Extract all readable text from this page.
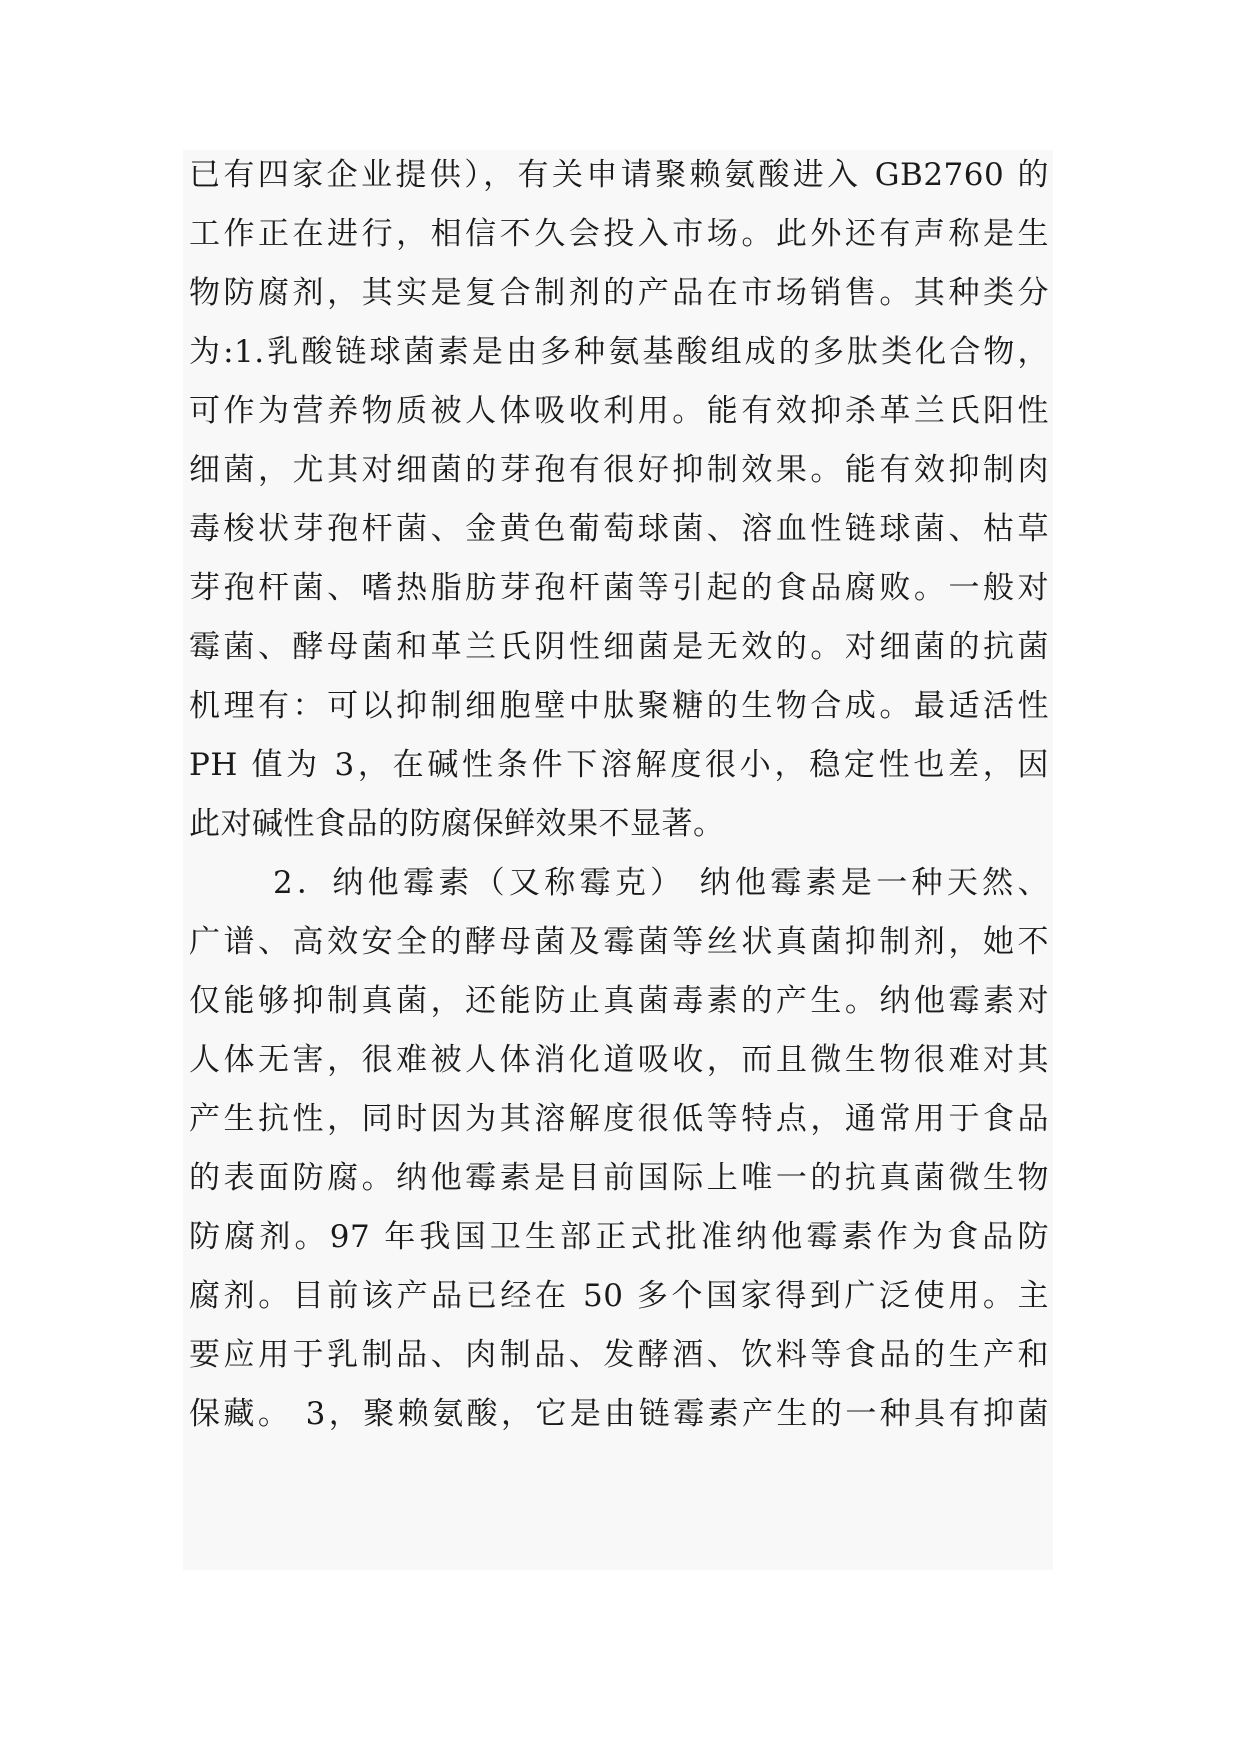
已有四家企业提供），有关申请聚赖氨酸进入 GB2760 的
工作正在进行，相信不久会投入市场。此外还有声称是生
物防腐剂，其实是复合制剂的产品在市场销售。其种类分
为:1.乳酸链球菌素是由多种氨基酸组成的多肽类化合物，
可作为营养物质被人体吸收利用。能有效抑杀革兰氏阳性
细菌，尤其对细菌的芽孢有很好抑制效果。能有效抑制肉
毒梭状芽孢杆菌、金黄色葡萄球菌、溶血性链球菌、枯草
芽孢杆菌、嗜热脂肪芽孢杆菌等引起的食品腐败。一般对
霉菌、酵母菌和革兰氏阴性细菌是无效的。对细菌的抗菌
机理有：可以抑制细胞壁中肽聚糖的生物合成。最适活性
PH 值为 3，在碱性条件下溶解度很小，稳定性也差，因
此对碱性食品的防腐保鲜效果不显著。
2．纳他霉素（又称霉克） 纳他霉素是一种天然、
广谱、高效安全的酵母菌及霉菌等丝状真菌抑制剂，她不
仅能够抑制真菌，还能防止真菌毒素的产生。纳他霉素对
人体无害，很难被人体消化道吸收，而且微生物很难对其
产生抗性，同时因为其溶解度很低等特点，通常用于食品
的表面防腐。纳他霉素是目前国际上唯一的抗真菌微生物
防腐剂。97 年我国卫生部正式批准纳他霉素作为食品防
腐剂。目前该产品已经在 50 多个国家得到广泛使用。主
要应用于乳制品、肉制品、发酵酒、饮料等食品的生产和
保藏。 3，聚赖氨酸，它是由链霉素产生的一种具有抑菌
